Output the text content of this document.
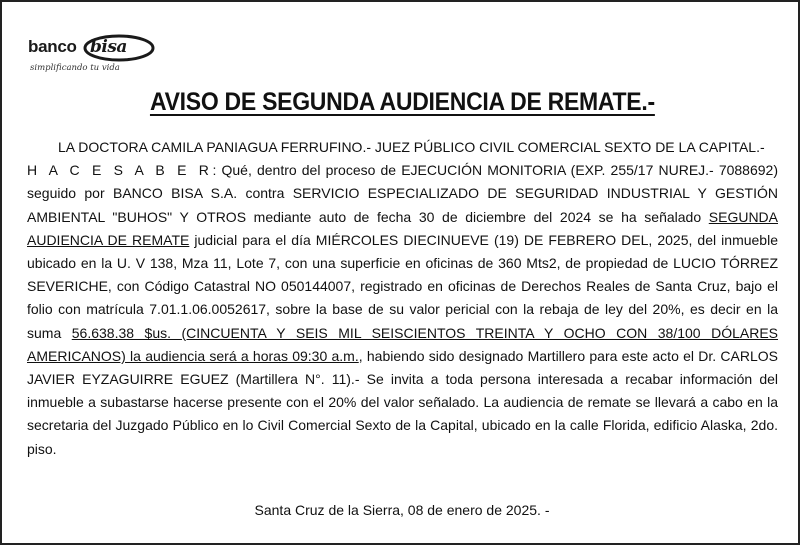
banco bisa
simplificando tu vida
AVISO DE SEGUNDA AUDIENCIA DE REMATE.-

LA DOCTORA CAMILA PANIAGUA FERRUFINO.- JUEZ PÚBLICO CIVIL COMERCIAL SEXTO DE LA CAPITAL.-

H A C E S A B E R: Qué, dentro del proceso de EJECUCIÓN MONITORIA (EXP. 255/17 NUREJ.- 7088692) seguido por BANCO BISA S.A. contra SERVICIO ESPECIALIZADO DE SEGURIDAD INDUSTRIAL Y GESTIÓN AMBIENTAL "BUHOS" Y OTROS mediante auto de fecha 30 de diciembre del 2024 se ha señalado SEGUNDA AUDIENCIA DE REMATE judicial para el día MIÉRCOLES DIECINUEVE (19) DE FEBRERO DEL, 2025, del inmueble ubicado en la U. V 138, Mza 11, Lote 7, con una superficie en oficinas de 360 Mts2, de propiedad de LUCIO TÓRREZ SEVERICHE, con Código Catastral NO 050144007, registrado en oficinas de Derechos Reales de Santa Cruz, bajo el folio con matrícula 7.01.1.06.0052617, sobre la base de su valor pericial con la rebaja de ley del 20%, es decir en la suma 56.638.38 $us. (CINCUENTA Y SEIS MIL SEISCIENTOS TREINTA Y OCHO CON 38/100 DÓLARES AMERICANOS) la audiencia será a horas 09:30 a.m., habiendo sido designado Martillero para este acto el Dr. CARLOS JAVIER EYZAGUIRRE EGUEZ (Martillera N°. 11).- Se invita a toda persona interesada a recabar información del inmueble a subastarse hacerse presente con el 20% del valor señalado. La audiencia de remate se llevará a cabo en la secretaria del Juzgado Público en lo Civil Comercial Sexto de la Capital, ubicado en la calle Florida, edificio Alaska, 2do. piso.

Santa Cruz de la Sierra, 08 de enero de 2025. -
